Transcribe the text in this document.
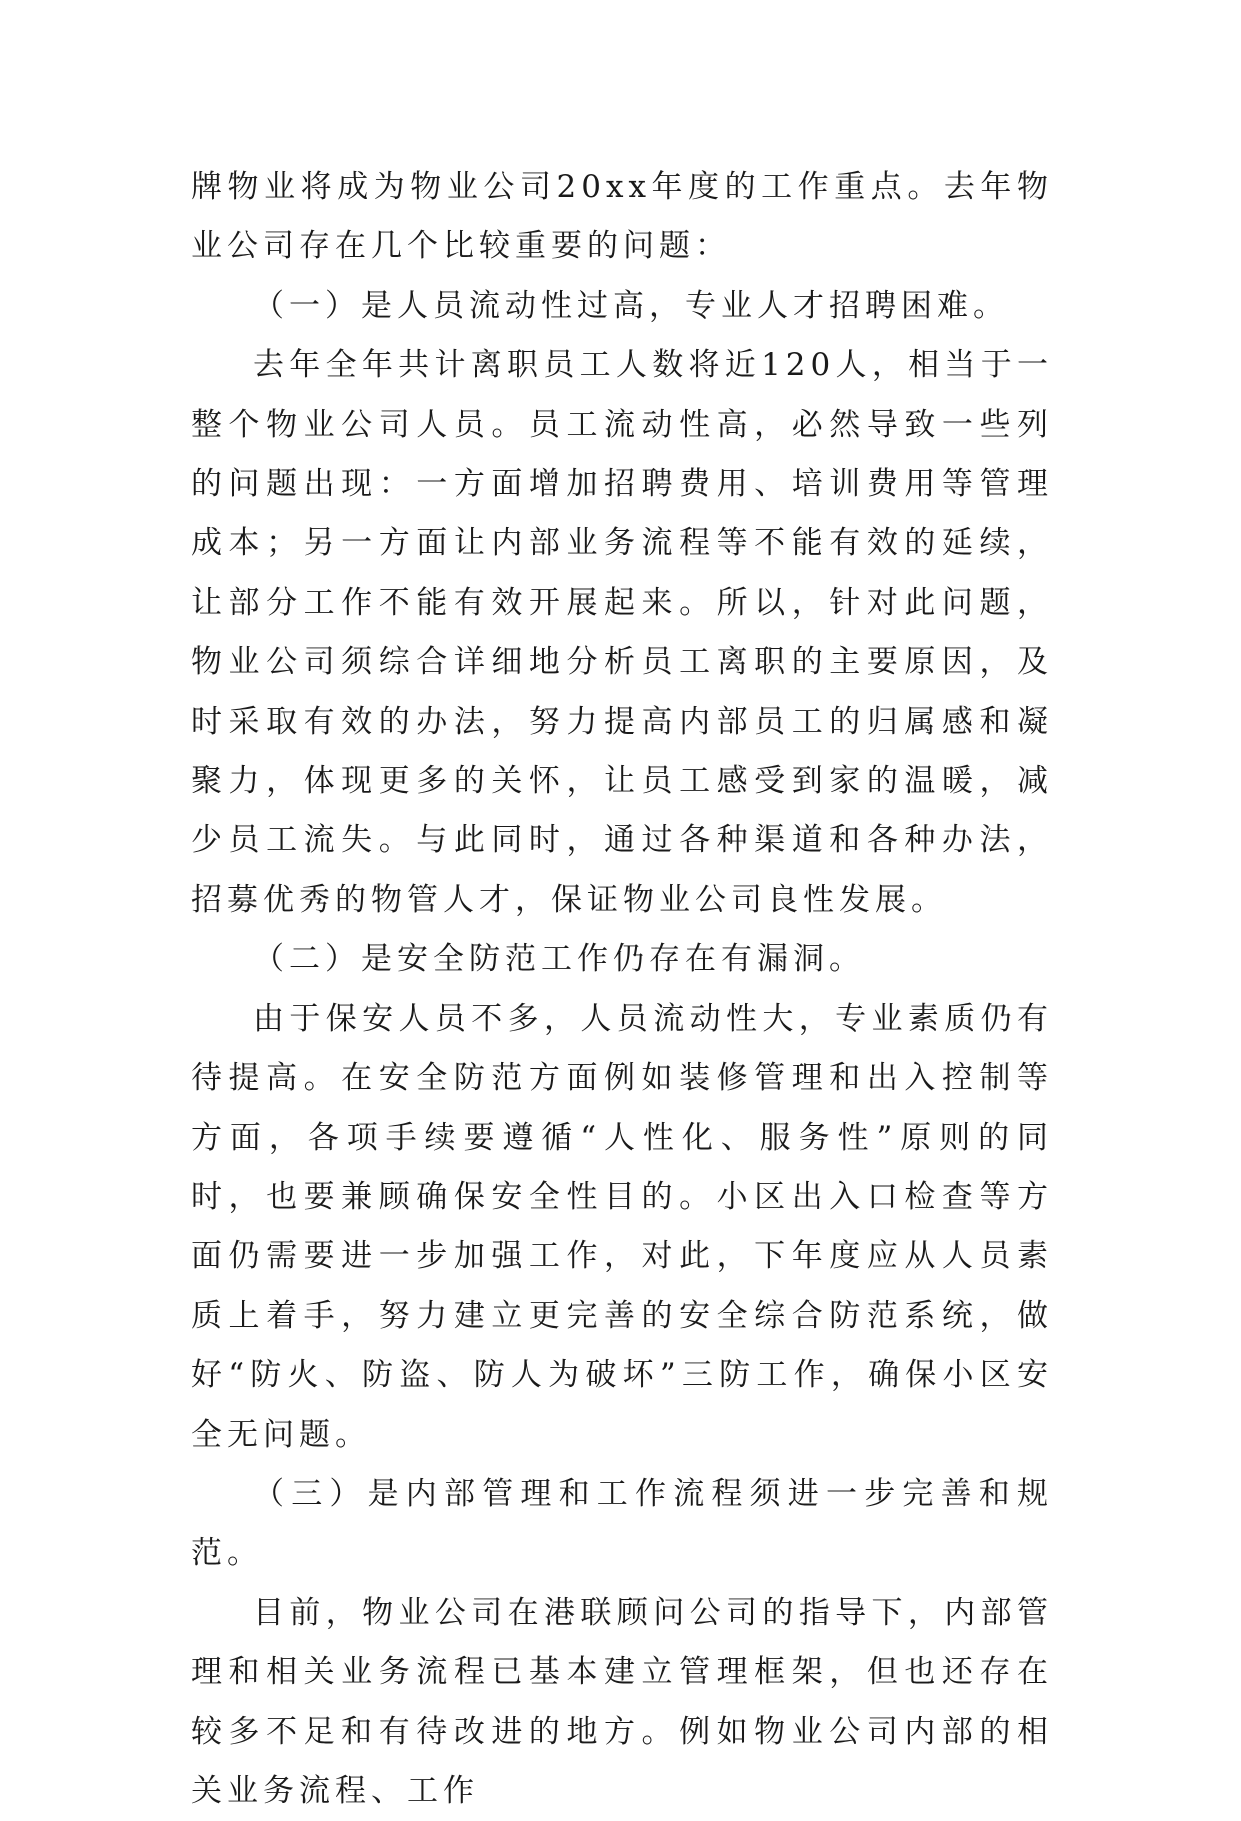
牌物业将成为物业公司20xx年度的工作重点。去年物业公司存在几个比较重要的问题：

（一）是人员流动性过高，专业人才招聘困难。

去年全年共计离职员工人数将近120人，相当于一整个物业公司人员。员工流动性高，必然导致一些列的问题出现：一方面增加招聘费用、培训费用等管理成本；另一方面让内部业务流程等不能有效的延续，让部分工作不能有效开展起来。所以，针对此问题，物业公司须综合详细地分析员工离职的主要原因，及时采取有效的办法，努力提高内部员工的归属感和凝聚力，体现更多的关怀，让员工感受到家的温暖，减少员工流失。与此同时，通过各种渠道和各种办法，招募优秀的物管人才，保证物业公司良性发展。

（二）是安全防范工作仍存在有漏洞。

由于保安人员不多，人员流动性大，专业素质仍有待提高。在安全防范方面例如装修管理和出入控制等方面，各项手续要遵循“人性化、服务性”原则的同时，也要兼顾确保安全性目的。小区出入口检查等方面仍需要进一步加强工作，对此，下年度应从人员素质上着手，努力建立更完善的安全综合防范系统，做好“防火、防盗、防人为破坏”三防工作，确保小区安全无问题。

（三）是内部管理和工作流程须进一步完善和规范。

目前，物业公司在港联顾问公司的指导下，内部管理和相关业务流程已基本建立管理框架，但也还存在较多不足和有待改进的地方。例如物业公司内部的相关业务流程、工作
